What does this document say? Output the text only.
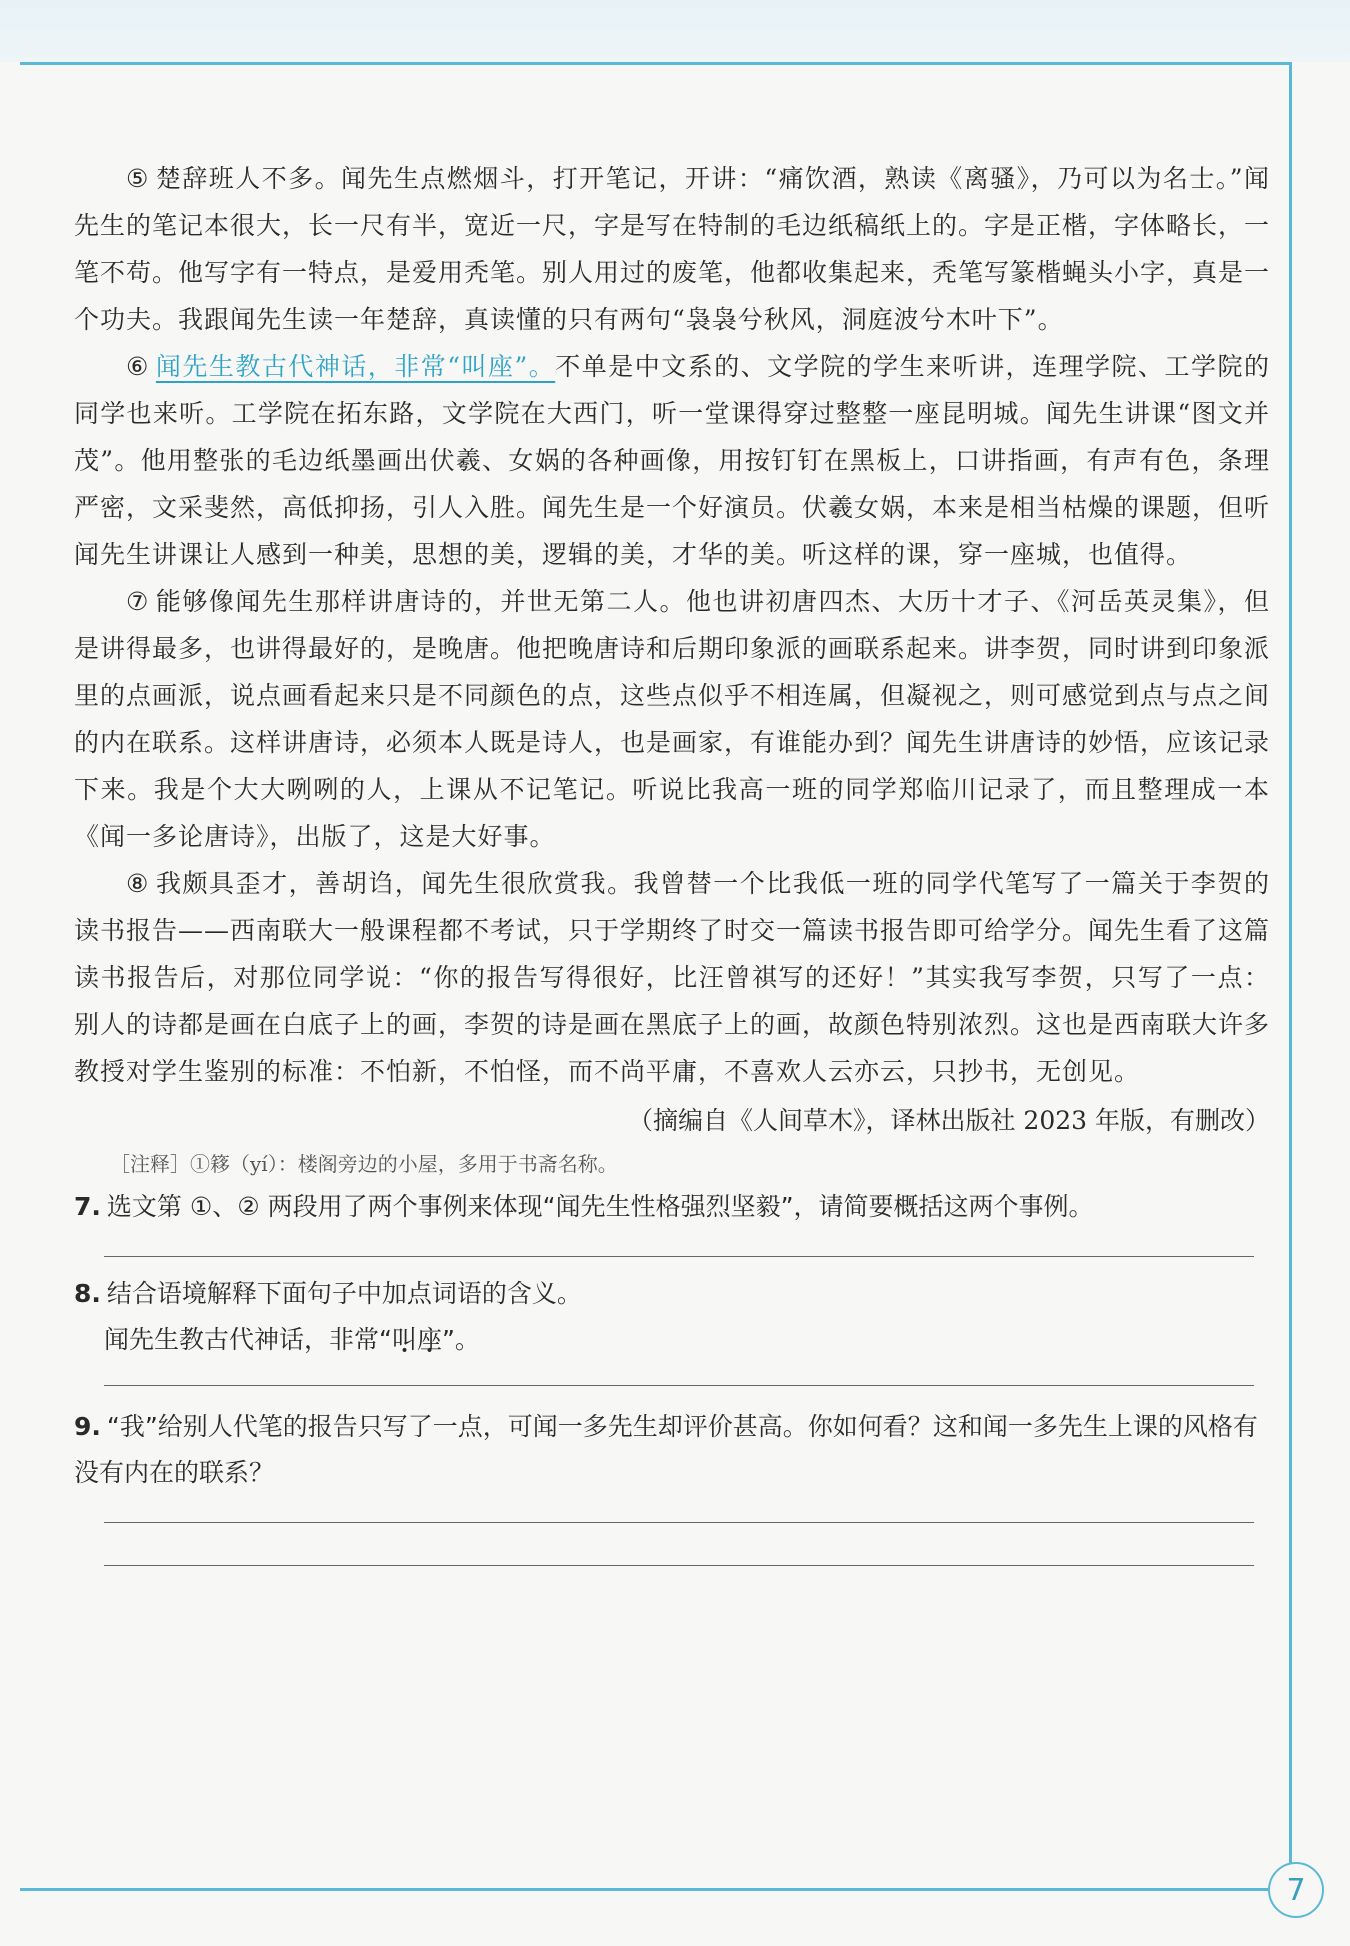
7

⑤ 楚辞班人不多。闻先生点燃烟斗，打开笔记，开讲：“痛饮酒，熟读《离骚》，乃可以为名士。”闻先生的笔记本很大，长一尺有半，宽近一尺，字是写在特制的毛边纸稿纸上的。字是正楷，字体略长，一笔不苟。他写字有一特点，是爱用秃笔。别人用过的废笔，他都收集起来，秃笔写篆楷蝇头小字，真是一个功夫。我跟闻先生读一年楚辞，真读懂的只有两句“袅袅兮秋风，洞庭波兮木叶下”。

⑥ 闻先生教古代神话，非常“叫座”。不单是中文系的、文学院的学生来听讲，连理学院、工学院的同学也来听。工学院在拓东路，文学院在大西门，听一堂课得穿过整整一座昆明城。闻先生讲课“图文并茂”。他用整张的毛边纸墨画出伏羲、女娲的各种画像，用按钉钉在黑板上，口讲指画，有声有色，条理严密，文采斐然，高低抑扬，引人入胜。闻先生是一个好演员。伏羲女娲，本来是相当枯燥的课题，但听闻先生讲课让人感到一种美，思想的美，逻辑的美，才华的美。听这样的课，穿一座城，也值得。

⑦ 能够像闻先生那样讲唐诗的，并世无第二人。他也讲初唐四杰、大历十才子、《河岳英灵集》，但是讲得最多，也讲得最好的，是晚唐。他把晚唐诗和后期印象派的画联系起来。讲李贺，同时讲到印象派里的点画派，说点画看起来只是不同颜色的点，这些点似乎不相连属，但凝视之，则可感觉到点与点之间的内在联系。这样讲唐诗，必须本人既是诗人，也是画家，有谁能办到？闻先生讲唐诗的妙悟，应该记录下来。我是个大大咧咧的人，上课从不记笔记。听说比我高一班的同学郑临川记录了，而且整理成一本《闻一多论唐诗》，出版了，这是大好事。

⑧ 我颇具歪才，善胡诌，闻先生很欣赏我。我曾替一个比我低一班的同学代笔写了一篇关于李贺的读书报告——西南联大一般课程都不考试，只于学期终了时交一篇读书报告即可给学分。闻先生看了这篇读书报告后，对那位同学说：“你的报告写得很好，比汪曾祺写的还好！”其实我写李贺，只写了一点：别人的诗都是画在白底子上的画，李贺的诗是画在黑底子上的画，故颜色特别浓烈。这也是西南联大许多教授对学生鉴别的标准：不怕新，不怕怪，而不尚平庸，不喜欢人云亦云，只抄书，无创见。

（摘编自《人间草木》，译林出版社 2023 年版，有删改）
［注释］①簃（yí）：楼阁旁边的小屋，多用于书斋名称。
7. 选文第 ①、② 两段用了两个事例来体现“闻先生性格强烈坚毅”，请简要概括这两个事例。
8. 结合语境解释下面句子中加点词语的含义。
闻先生教古代神话，非常“叫座”。
9. “我”给别人代笔的报告只写了一点，可闻一多先生却评价甚高。你如何看？这和闻一多先生上课的风格有没有内在的联系？
